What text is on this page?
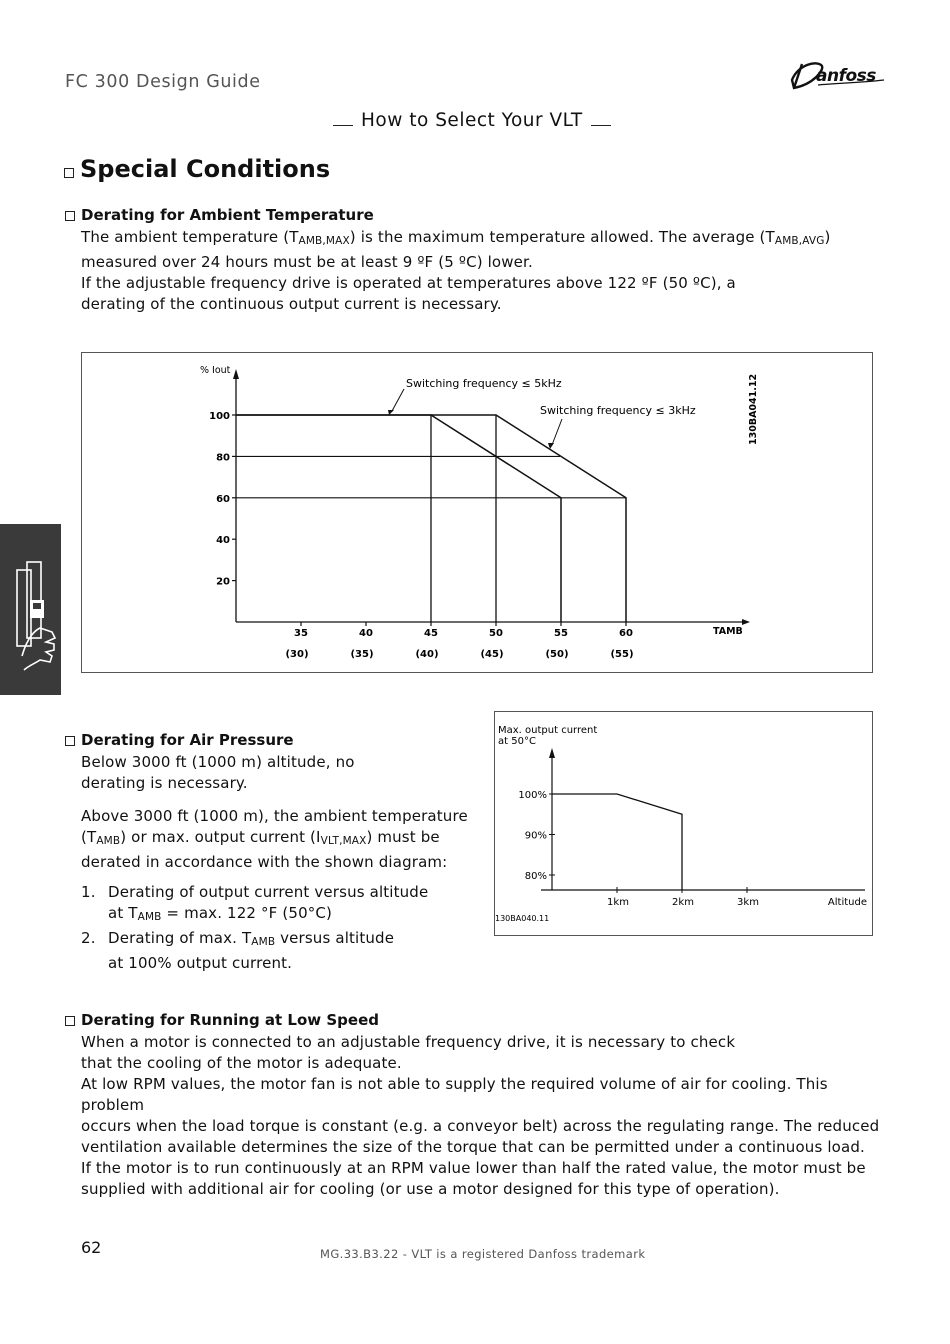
FC 300 Design Guide	anfoss
How to Select Your VLT
Special Conditions
Derating for Ambient Temperature
The ambient temperature (TAMB,MAX) is the maximum temperature allowed. The average (TAMB,AVG)
measured over 24 hours must be at least 9 ºF (5 ºC) lower.
If the adjustable frequency drive is operated at temperatures above 122 ºF (50 ºC), a
derating of the continuous output current is necessary.
% Iout
TAMB
130BA041.12
20
40
60
80
100
35
(30)
40
(35)
45
(40)
50
(45)
55
(50)
60
(55)
Switching frequency ≤ 5kHz
Switching frequency ≤ 3kHz
Derating for Air Pressure
Below 3000 ft (1000 m) altitude, no
derating is necessary.
Above 3000 ft (1000 m), the ambient temperature
(TAMB) or max. output current (IVLT,MAX) must be
derated in accordance with the shown diagram:
1. Derating of output current versus altitude
at TAMB = max. 122 °F (50°C)
2. Derating of max. TAMB versus altitude
at 100% output current.
Max. output current
at 50°C
100%
90%
80%
1km	2km	3km	Altitude
130BA040.11
Derating for Running at Low Speed
When a motor is connected to an adjustable frequency drive, it is necessary to check
that the cooling of the motor is adequate.
At low RPM values, the motor fan is not able to supply the required volume of air for cooling. This problem
occurs when the load torque is constant (e.g. a conveyor belt) across the regulating range. The reduced
ventilation available determines the size of the torque that can be permitted under a continuous load.
If the motor is to run continuously at an RPM value lower than half the rated value, the motor must be
supplied with additional air for cooling (or use a motor designed for this type of operation).
62	MG.33.B3.22 - VLT is a registered Danfoss trademark
